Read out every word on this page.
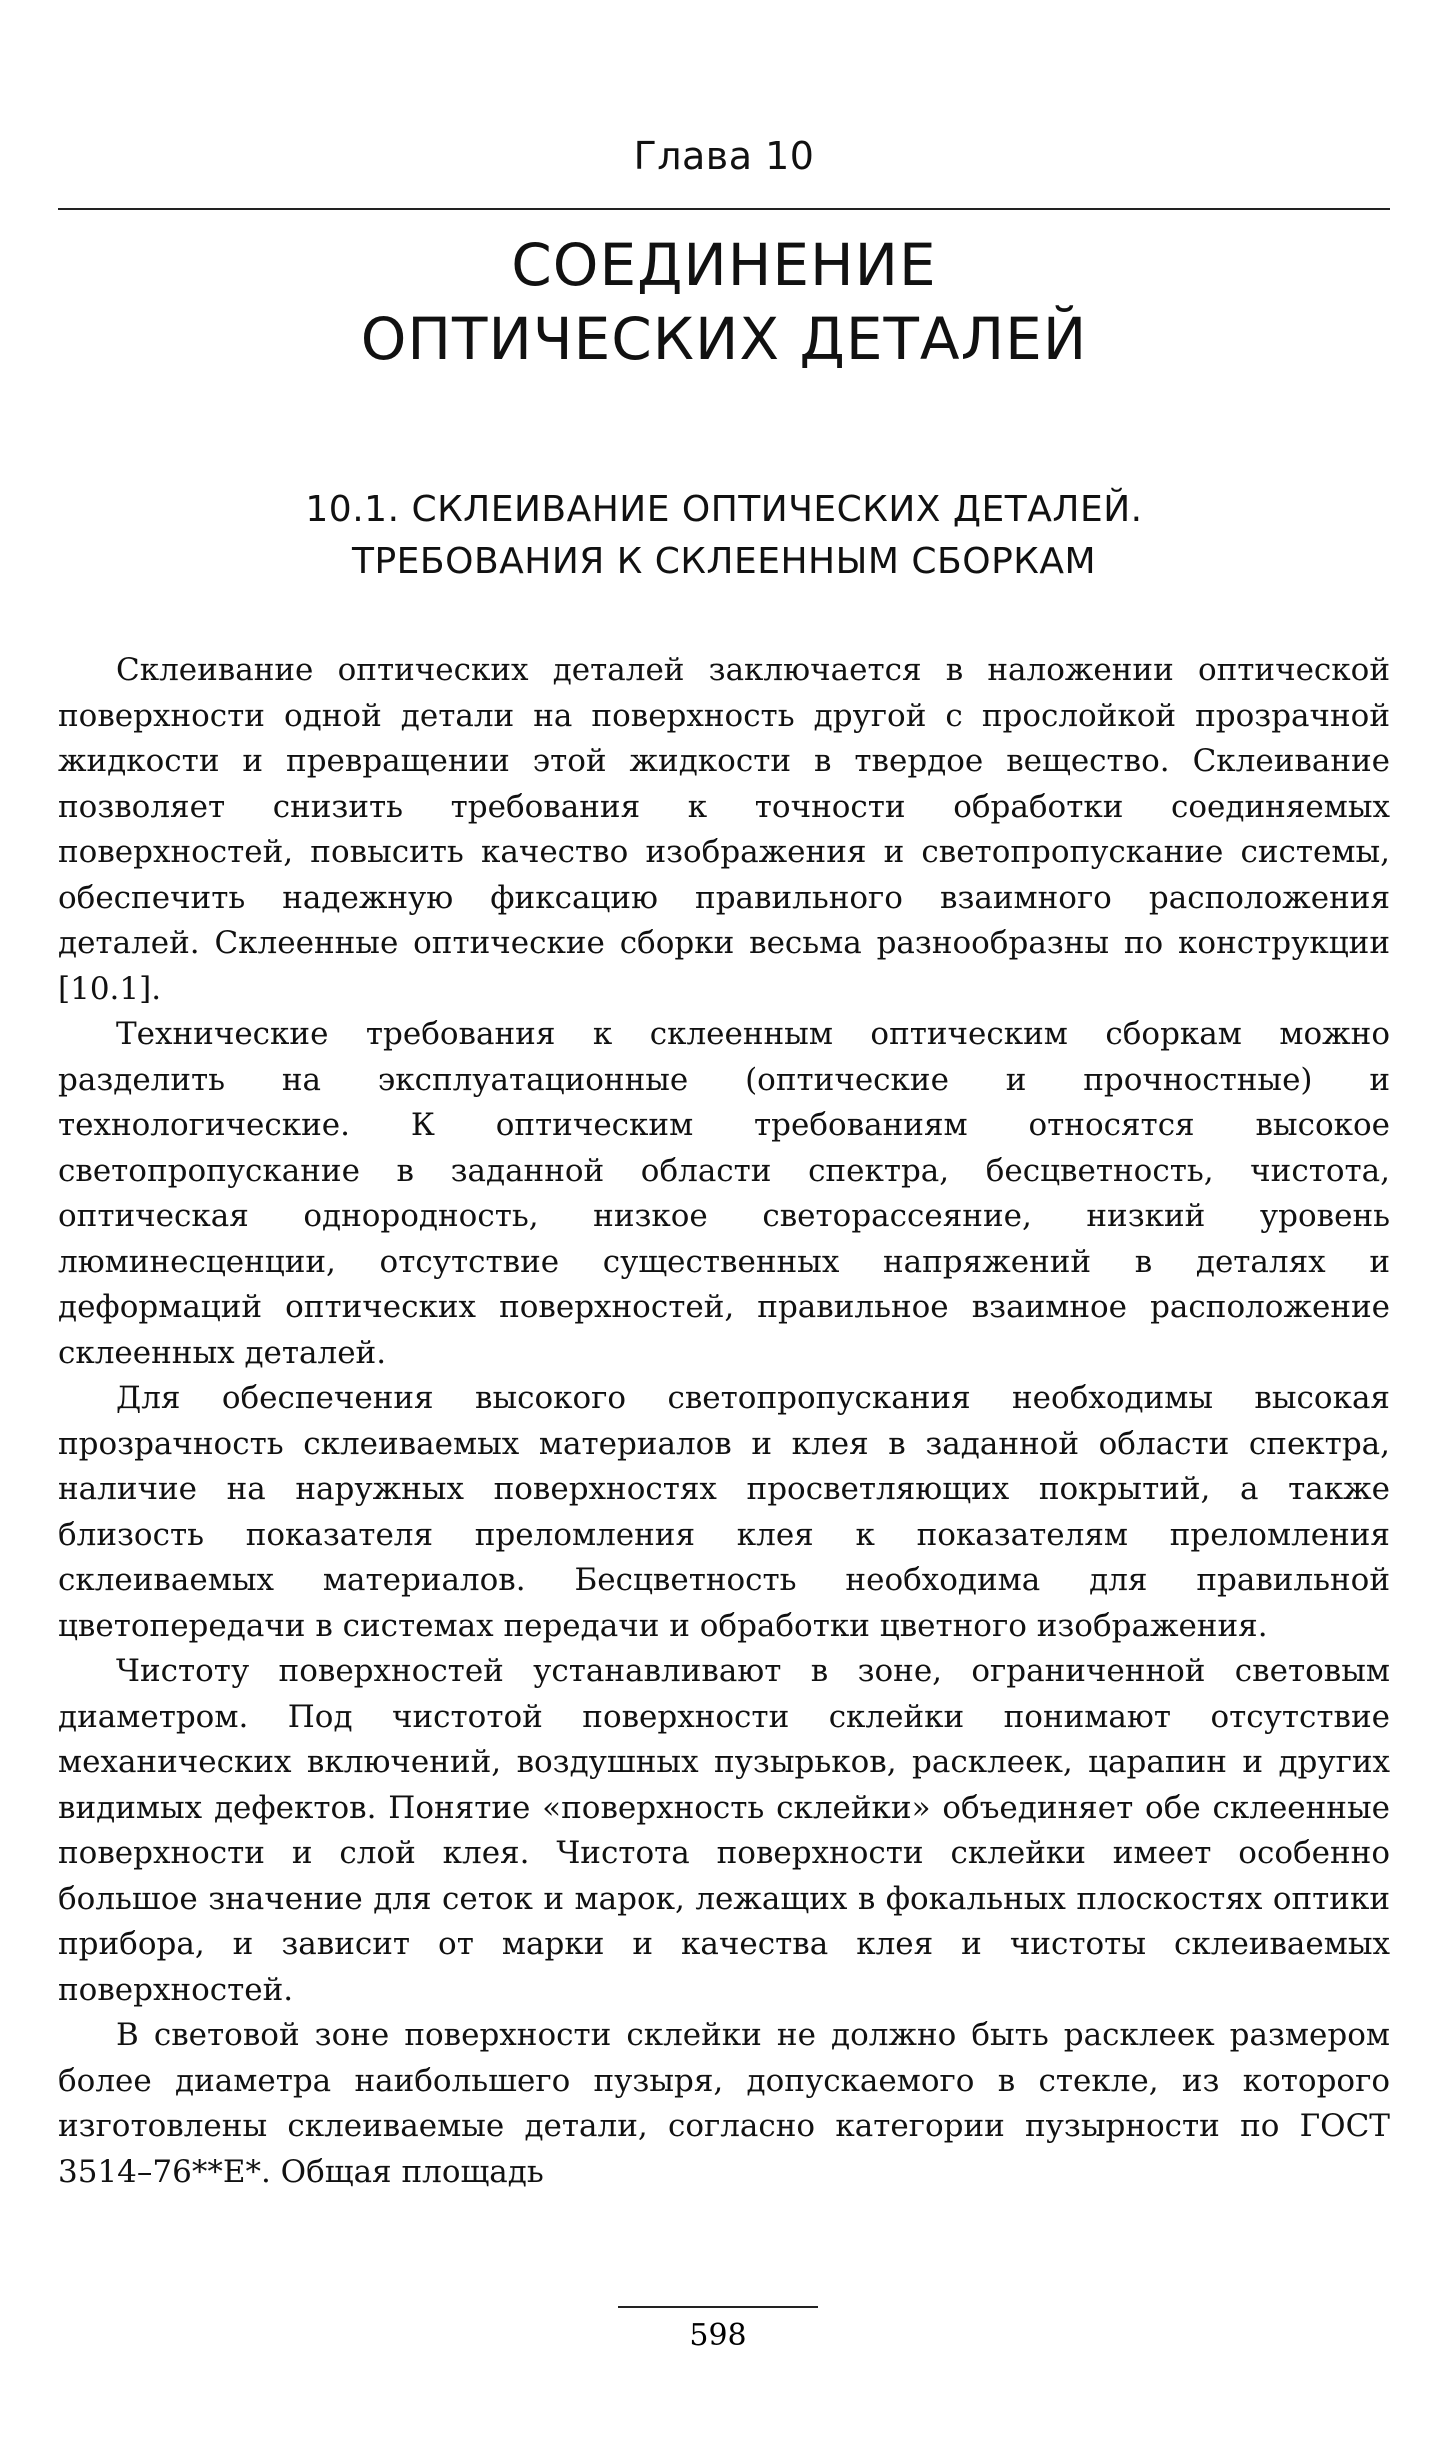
Глава 10
СОЕДИНЕНИЕ
ОПТИЧЕСКИХ ДЕТАЛЕЙ
10.1. СКЛЕИВАНИЕ ОПТИЧЕСКИХ ДЕТАЛЕЙ.
ТРЕБОВАНИЯ К СКЛЕЕННЫМ СБОРКАМ

Склеивание оптических деталей заключается в наложении оптической поверхности одной детали на поверхность другой с прослойкой прозрачной жидкости и превращении этой жидкости в твердое вещество. Склеивание позволяет снизить требования к точности обработки соединяемых поверхностей, повысить качество изображения и светопропускание системы, обеспечить надежную фиксацию правильного взаимного расположения деталей. Склеенные оптические сборки весьма разнообразны по конструкции [10.1].

Технические требования к склеенным оптическим сборкам можно разделить на эксплуатационные (оптические и прочностные) и технологические. К оптическим требованиям относятся высокое светопропускание в заданной области спектра, бесцветность, чистота, оптическая однородность, низкое светорассеяние, низкий уровень люминесценции, отсутствие существенных напряжений в деталях и деформаций оптических поверхностей, правильное взаимное расположение склеенных деталей.

Для обеспечения высокого светопропускания необходимы высокая прозрачность склеиваемых материалов и клея в заданной области спектра, наличие на наружных поверхностях просветляющих покрытий, а также близость показателя преломления клея к показателям преломления склеиваемых материалов. Бесцветность необходима для правильной цветопередачи в системах передачи и обработки цветного изображения.

Чистоту поверхностей устанавливают в зоне, ограниченной световым диаметром. Под чистотой поверхности склейки понимают отсутствие механических включений, воздушных пузырьков, расклеек, царапин и других видимых дефектов. Понятие «поверхность склейки» объединяет обе склеенные поверхности и слой клея. Чистота поверхности склейки имеет особенно большое значение для сеток и марок, лежащих в фокальных плоскостях оптики прибора, и зависит от марки и качества клея и чистоты склеиваемых поверхностей.

В световой зоне поверхности склейки не должно быть расклеек размером более диаметра наибольшего пузыря, допускаемого в стекле, из которого изготовлены склеиваемые детали, согласно категории пузырности по ГОСТ 3514–76**Е*. Общая площадь

598
